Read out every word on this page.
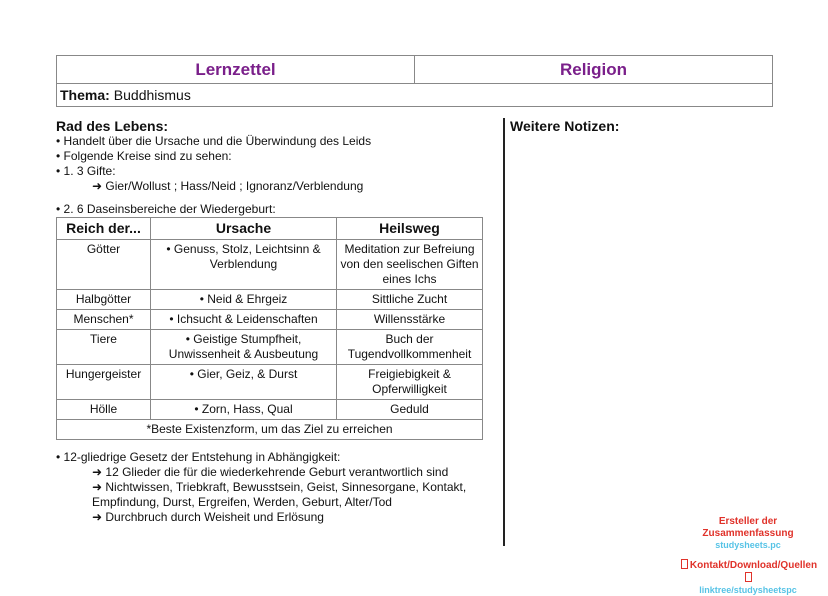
Lernzettel	Religion
Thema: Buddhismus
Rad des Lebens:
• Handelt über die Ursache und die Überwindung des Leids
• Folgende Kreise sind zu sehen:
• 1. 3 Gifte:
➜ Gier/Wollust ; Hass/Neid ; Ignoranz/Verblendung
• 2. 6 Daseinsbereiche der Wiedergeburt:
Reich der...	Ursache	Heilsweg
Götter	• Genuss, Stolz, Leichtsinn & Verblendung	Meditation zur Befreiung von den seelischen Giften eines Ichs
Halbgötter	• Neid & Ehrgeiz	Sittliche Zucht
Menschen*	• Ichsucht & Leidenschaften	Willensstärke
Tiere	• Geistige Stumpfheit, Unwissenheit & Ausbeutung	Buch der Tugendvollkommenheit
Hungergeister	• Gier, Geiz, & Durst	Freigiebigkeit & Opferwilligkeit
Hölle	• Zorn, Hass, Qual	Geduld
*Beste Existenzform, um das Ziel zu erreichen		
• 12-gliedrige Gesetz der Entstehung in Abhängigkeit:
➜ 12 Glieder die für die wiederkehrende Geburt verantwortlich sind
➜ Nichtwissen, Triebkraft, Bewusstsein, Geist, Sinnesorgane, Kontakt, Empfindung, Durst, Ergreifen, Werden, Geburt, Alter/Tod
➜ Durchbruch durch Weisheit und Erlösung
Weitere Notizen:
Ersteller der Zusammenfassung
studysheets.pc
Kontakt/Download/Quellen
linktree/studysheetspc
